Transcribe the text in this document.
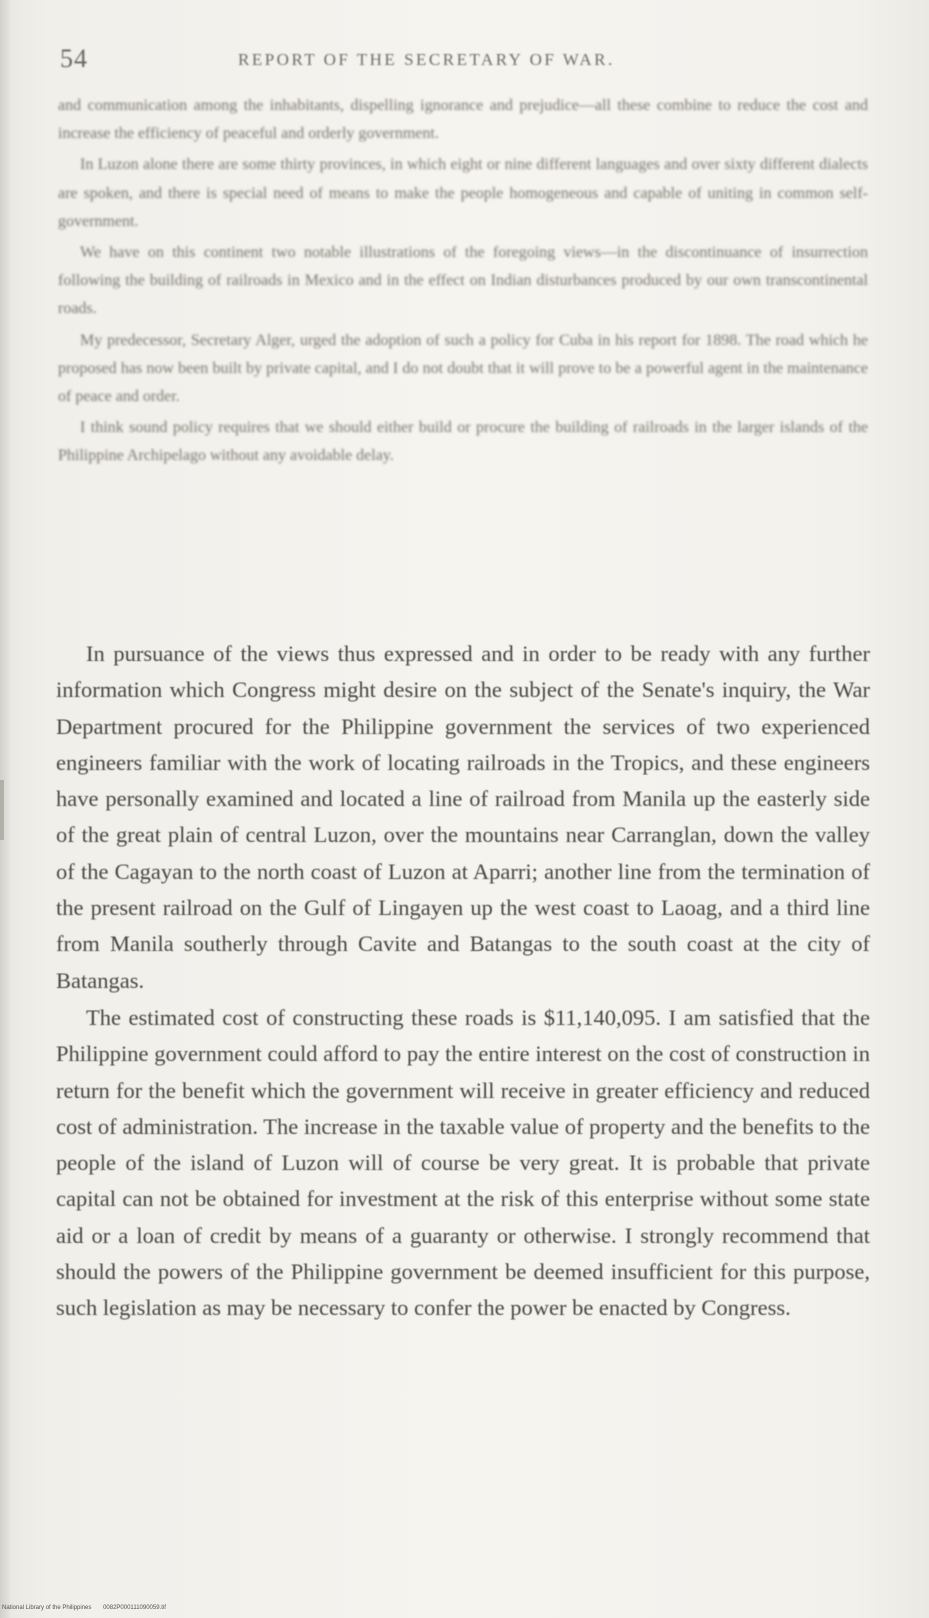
54	REPORT OF THE SECRETARY OF WAR.

and communication among the inhabitants, dispelling ignorance and prejudice—all these combine to reduce the cost and increase the efficiency of peaceful and orderly government.

In Luzon alone there are some thirty provinces, in which eight or nine different languages and over sixty different dialects are spoken, and there is special need of means to make the people homogeneous and capable of uniting in common self-government.

We have on this continent two notable illustrations of the foregoing views—in the discontinuance of insurrection following the building of railroads in Mexico and in the effect on Indian disturbances produced by our own transcontinental roads.

My predecessor, Secretary Alger, urged the adoption of such a policy for Cuba in his report for 1898. The road which he proposed has now been built by private capital, and I do not doubt that it will prove to be a powerful agent in the maintenance of peace and order.

I think sound policy requires that we should either build or procure the building of railroads in the larger islands of the Philippine Archipelago without any avoidable delay.

In pursuance of the views thus expressed and in order to be ready with any further information which Congress might desire on the subject of the Senate's inquiry, the War Department procured for the Philippine government the services of two experienced engineers familiar with the work of locating railroads in the Tropics, and these engineers have personally examined and located a line of railroad from Manila up the easterly side of the great plain of central Luzon, over the mountains near Carranglan, down the valley of the Cagayan to the north coast of Luzon at Aparri; another line from the termination of the present railroad on the Gulf of Lingayen up the west coast to Laoag, and a third line from Manila southerly through Cavite and Batangas to the south coast at the city of Batangas.

The estimated cost of constructing these roads is $11,140,095. I am satisfied that the Philippine government could afford to pay the entire interest on the cost of construction in return for the benefit which the government will receive in greater efficiency and reduced cost of administration. The increase in the taxable value of property and the benefits to the people of the island of Luzon will of course be very great. It is probable that private capital can not be obtained for investment at the risk of this enterprise without some state aid or a loan of credit by means of a guaranty or otherwise. I strongly recommend that should the powers of the Philippine government be deemed insufficient for this purpose, such legislation as may be necessary to confer the power be enacted by Congress.

National Library of the Philippines 0082P000111090059.tif
